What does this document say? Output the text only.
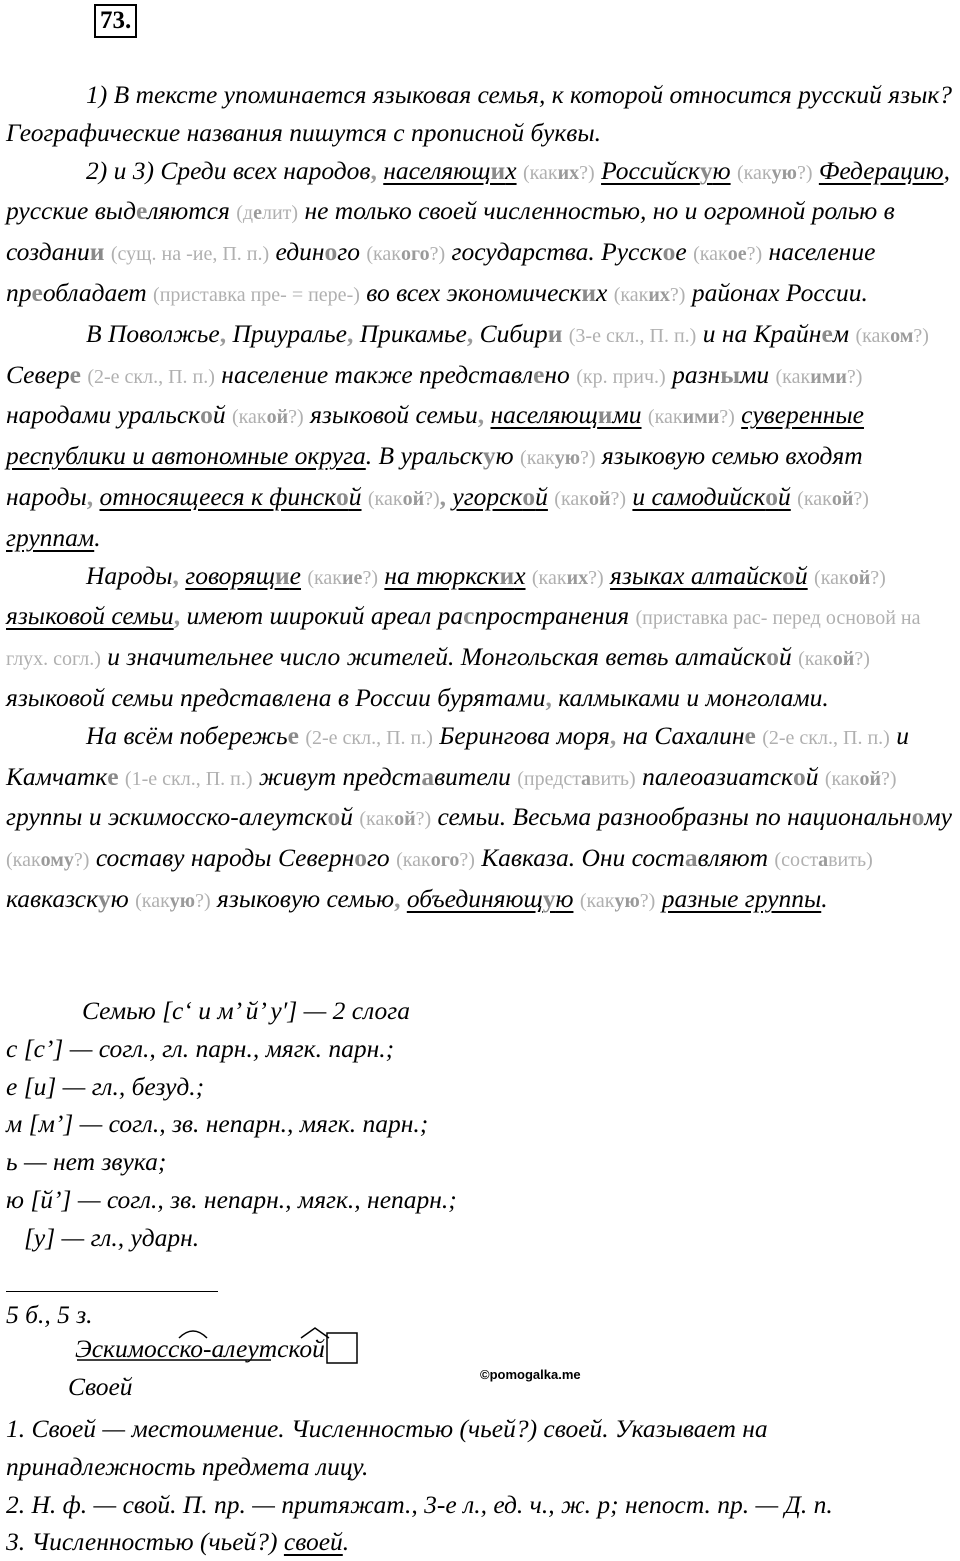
73.

1) В тексте упоминается языковая семья, к которой относится русский язык? Географические названия пишутся с прописной буквы.

2) и 3) Среди всех народов, населяющих (каких?) Российскую (какую?) Федерацию, русские выделяются (делит) не только своей численностью, но и огромной ролью в создании (сущ. на -ие, П. п.) единого (какого?) государства. Русское (какое?) население преобладает (приставка пре- = пере-) во всех экономических (каких?) районах России.

В Поволжье, Приуралье, Прикамье, Сибири (3-е скл., П. п.) и на Крайнем (каком?) Севере (2-е скл., П. п.) население также представлено (кр. прич.) разными (какими?) народами уральской (какой?) языковой семьи, населяющими (какими?) суверенные республики и автономные округа. В уральскую (какую?) языковую семью входят народы, относящееся к финской (какой?), угорской (какой?) и самодийской (какой?) группам.

Народы, говорящие (какие?) на тюркских (каких?) языках алтайской (какой?) языковой семьи, имеют широкий ареал распространения (приставка рас- перед основой на глух. согл.) и значительнее число жителей. Монгольская ветвь алтайской (какой?) языковой семьи представлена в России бурятами, калмыками и монголами.

На всём побережье (2-е скл., П. п.) Берингова моря, на Сахалине (2-е скл., П. п.) и Камчатке (1-е скл., П. п.) живут представители (представить) палеоазиатской (какой?) группы и эскимосско-алеутской (какой?) семьи. Весьма разнообразны по национальному (какому?) составу народы Северного (какого?) Кавказа. Они составляют (составить) кавказскую (какую?) языковую семью, объединяющую (какую?) разные группы.

Семью [с‘ и м’ й’ у′] — 2 слога

с [с’] — согл., гл. парн., мягк. парн.;

е [и] — гл., безуд.;

м [м’] — согл., зв. непарн., мягк. парн.;

ь — нет звука;

ю [й’] — согл., зв. непарн., мягк., непарн.;

[у] — гл., ударн.

5 б., 5 з.

Эскимосско-алеутской
Своей	©pomogalka.me

1. Своей — местоимение. Численностью (чьей?) своей. Указывает на принадлежность предмета лицу.

2. Н. ф. — свой. П. пр. — притяжат., 3-е л., ед. ч., ж. р; непост. пр. — Д. п.

3. Численностью (чьей?) своей.
